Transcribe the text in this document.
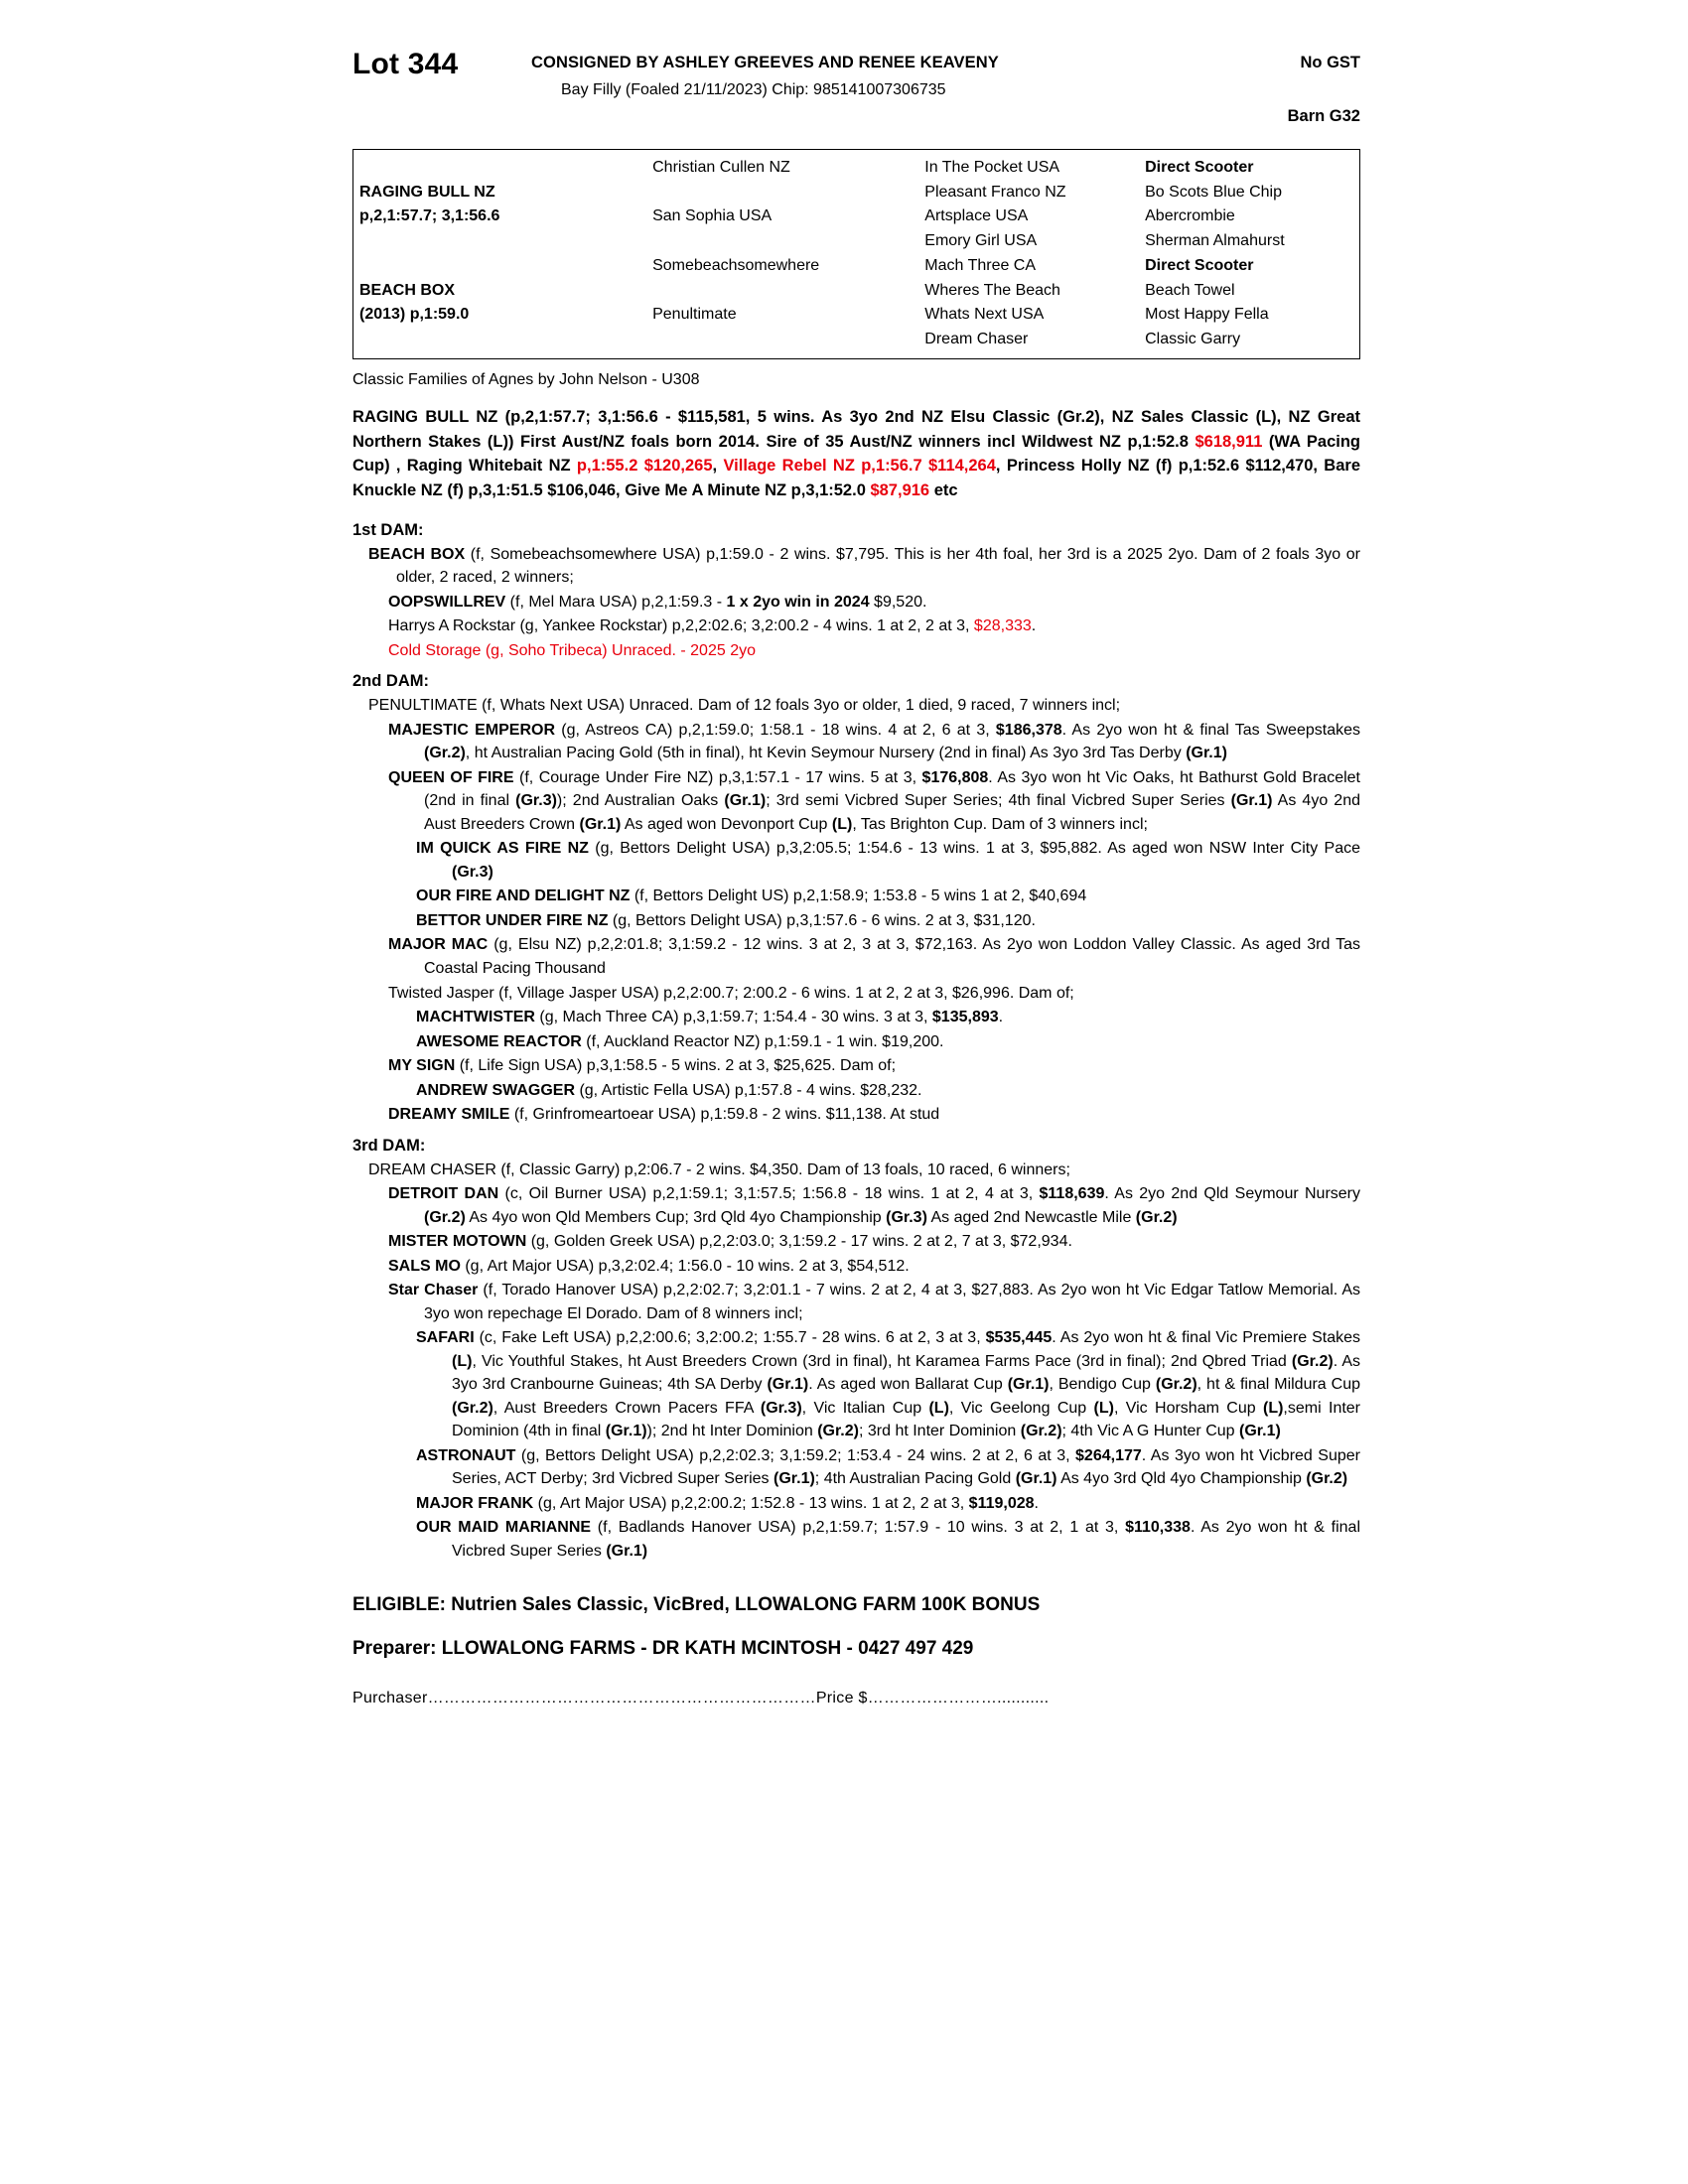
Lot 344	CONSIGNED BY ASHLEY GREEVES AND RENEE KEAVENY
Bay Filly (Foaled 21/11/2023) Chip: 985141007306735
No GST
Barn G32
	Christian Cullen NZ	In The Pocket USA	Direct Scooter
RAGING BULL NZ		Pleasant Franco NZ	Bo Scots Blue Chip
p,2,1:57.7; 3,1:56.6	San Sophia USA	Artsplace USA	Abercrombie
		Emory Girl USA	Sherman Almahurst
	Somebeachsomewhere	Mach Three CA	Direct Scooter
BEACH BOX		Wheres The Beach	Beach Towel
(2013) p,1:59.0	Penultimate	Whats Next USA	Most Happy Fella
		Dream Chaser	Classic Garry
Classic Families of Agnes by John Nelson - U308
RAGING BULL NZ (p,2,1:57.7; 3,1:56.6 - $115,581, 5 wins. As 3yo 2nd NZ Elsu Classic (Gr.2), NZ Sales Classic (L), NZ Great Northern Stakes (L)) First Aust/NZ foals born 2014. Sire of 35 Aust/NZ winners incl Wildwest NZ p,1:52.8 $618,911 (WA Pacing Cup) , Raging Whitebait NZ p,1:55.2 $120,265, Village Rebel NZ p,1:56.7 $114,264, Princess Holly NZ (f) p,1:52.6 $112,470, Bare Knuckle NZ (f) p,3,1:51.5 $106,046, Give Me A Minute NZ p,3,1:52.0 $87,916 etc
1st DAM:
BEACH BOX (f, Somebeachsomewhere USA) p,1:59.0 - 2 wins. $7,795. This is her 4th foal, her 3rd is a 2025 2yo. Dam of 2 foals 3yo or older, 2 raced, 2 winners;
OOPSWILLREV (f, Mel Mara USA) p,2,1:59.3 - 1 x 2yo win in 2024 $9,520.
Harrys A Rockstar (g, Yankee Rockstar) p,2,2:02.6; 3,2:00.2 - 4 wins. 1 at 2, 2 at 3, $28,333.
Cold Storage (g, Soho Tribeca) Unraced. - 2025 2yo
2nd DAM:
PENULTIMATE (f, Whats Next USA) Unraced. Dam of 12 foals 3yo or older, 1 died, 9 raced, 7 winners incl;
MAJESTIC EMPEROR (g, Astreos CA) p,2,1:59.0; 1:58.1 - 18 wins. 4 at 2, 6 at 3, $186,378. As 2yo won ht & final Tas Sweepstakes (Gr.2), ht Australian Pacing Gold (5th in final), ht Kevin Seymour Nursery (2nd in final) As 3yo 3rd Tas Derby (Gr.1)
QUEEN OF FIRE (f, Courage Under Fire NZ) p,3,1:57.1 - 17 wins. 5 at 3, $176,808. As 3yo won ht Vic Oaks, ht Bathurst Gold Bracelet (2nd in final (Gr.3)); 2nd Australian Oaks (Gr.1); 3rd semi Vicbred Super Series; 4th final Vicbred Super Series (Gr.1) As 4yo 2nd Aust Breeders Crown (Gr.1) As aged won Devonport Cup (L), Tas Brighton Cup. Dam of 3 winners incl;
IM QUICK AS FIRE NZ (g, Bettors Delight USA) p,3,2:05.5; 1:54.6 - 13 wins. 1 at 3, $95,882. As aged won NSW Inter City Pace (Gr.3)
OUR FIRE AND DELIGHT NZ (f, Bettors Delight US) p,2,1:58.9; 1:53.8 - 5 wins 1 at 2, $40,694
BETTOR UNDER FIRE NZ (g, Bettors Delight USA) p,3,1:57.6 - 6 wins. 2 at 3, $31,120.
MAJOR MAC (g, Elsu NZ) p,2,2:01.8; 3,1:59.2 - 12 wins. 3 at 2, 3 at 3, $72,163. As 2yo won Loddon Valley Classic. As aged 3rd Tas Coastal Pacing Thousand
Twisted Jasper (f, Village Jasper USA) p,2,2:00.7; 2:00.2 - 6 wins. 1 at 2, 2 at 3, $26,996. Dam of;
MACHTWISTER (g, Mach Three CA) p,3,1:59.7; 1:54.4 - 30 wins. 3 at 3, $135,893.
AWESOME REACTOR (f, Auckland Reactor NZ) p,1:59.1 - 1 win. $19,200.
MY SIGN (f, Life Sign USA) p,3,1:58.5 - 5 wins. 2 at 3, $25,625. Dam of;
ANDREW SWAGGER (g, Artistic Fella USA) p,1:57.8 - 4 wins. $28,232.
DREAMY SMILE (f, Grinfromeartoear USA) p,1:59.8 - 2 wins. $11,138. At stud
3rd DAM:
DREAM CHASER (f, Classic Garry) p,2:06.7 - 2 wins. $4,350. Dam of 13 foals, 10 raced, 6 winners;
DETROIT DAN (c, Oil Burner USA) p,2,1:59.1; 3,1:57.5; 1:56.8 - 18 wins. 1 at 2, 4 at 3, $118,639. As 2yo 2nd Qld Seymour Nursery (Gr.2) As 4yo won Qld Members Cup; 3rd Qld 4yo Championship (Gr.3) As aged 2nd Newcastle Mile (Gr.2)
MISTER MOTOWN (g, Golden Greek USA) p,2,2:03.0; 3,1:59.2 - 17 wins. 2 at 2, 7 at 3, $72,934.
SALS MO (g, Art Major USA) p,3,2:02.4; 1:56.0 - 10 wins. 2 at 3, $54,512.
Star Chaser (f, Torado Hanover USA) p,2,2:02.7; 3,2:01.1 - 7 wins. 2 at 2, 4 at 3, $27,883. As 2yo won ht Vic Edgar Tatlow Memorial. As 3yo won repechage El Dorado. Dam of 8 winners incl;
SAFARI (c, Fake Left USA) p,2,2:00.6; 3,2:00.2; 1:55.7 - 28 wins. 6 at 2, 3 at 3, $535,445. As 2yo won ht & final Vic Premiere Stakes (L), Vic Youthful Stakes, ht Aust Breeders Crown (3rd in final), ht Karamea Farms Pace (3rd in final); 2nd Qbred Triad (Gr.2). As 3yo 3rd Cranbourne Guineas; 4th SA Derby (Gr.1). As aged won Ballarat Cup (Gr.1), Bendigo Cup (Gr.2), ht & final Mildura Cup (Gr.2), Aust Breeders Crown Pacers FFA (Gr.3), Vic Italian Cup (L), Vic Geelong Cup (L), Vic Horsham Cup (L),semi Inter Dominion (4th in final (Gr.1)); 2nd ht Inter Dominion (Gr.2); 3rd ht Inter Dominion (Gr.2); 4th Vic A G Hunter Cup (Gr.1)
ASTRONAUT (g, Bettors Delight USA) p,2,2:02.3; 3,1:59.2; 1:53.4 - 24 wins. 2 at 2, 6 at 3, $264,177. As 3yo won ht Vicbred Super Series, ACT Derby; 3rd Vicbred Super Series (Gr.1); 4th Australian Pacing Gold (Gr.1) As 4yo 3rd Qld 4yo Championship (Gr.2)
MAJOR FRANK (g, Art Major USA) p,2,2:00.2; 1:52.8 - 13 wins. 1 at 2, 2 at 3, $119,028.
OUR MAID MARIANNE (f, Badlands Hanover USA) p,2,1:59.7; 1:57.9 - 10 wins. 3 at 2, 1 at 3, $110,338. As 2yo won ht & final Vicbred Super Series (Gr.1)
ELIGIBLE: Nutrien Sales Classic, VicBred, LLOWALONG FARM 100K BONUS
Preparer: LLOWALONG FARMS - DR KATH MCINTOSH - 0427 497 429
Purchaser………………………………………………………………Price $……………………...........
